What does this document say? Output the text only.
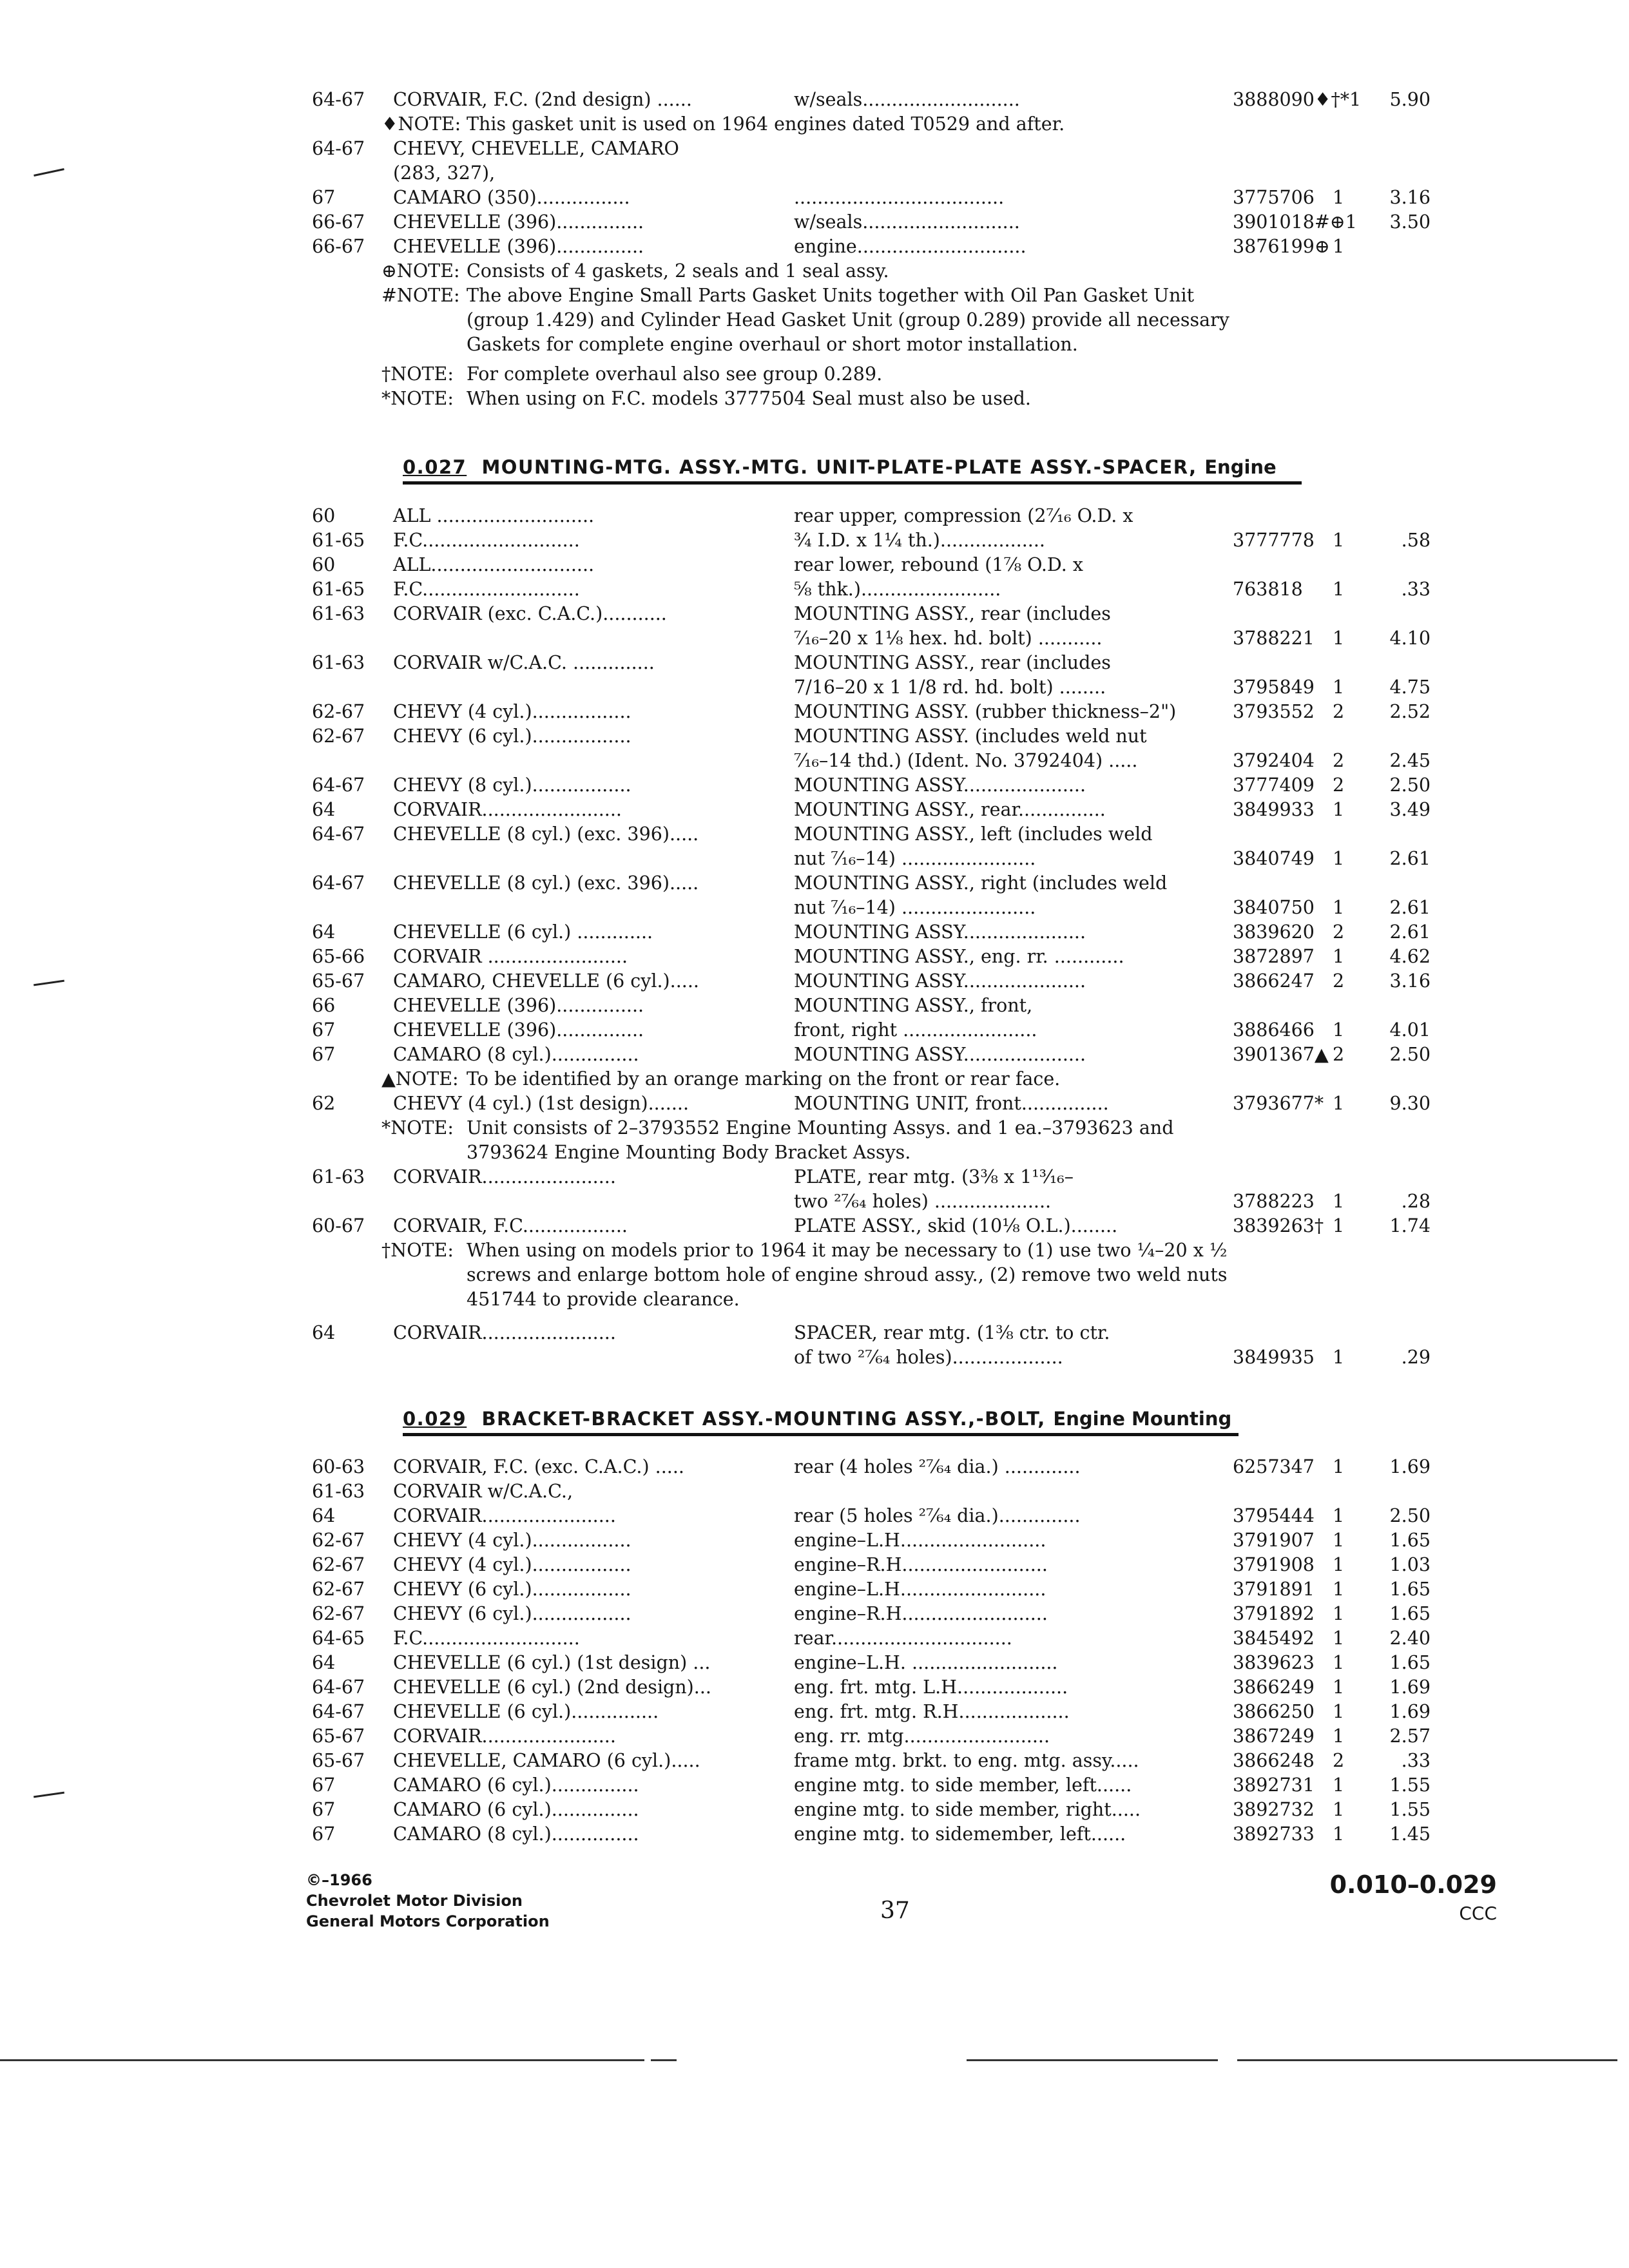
64-67 CORVAIR, F.C. (2nd design) ......	w/seals...........................	3888090♦†*1 5.90
♦NOTE: This gasket unit is used on 1964 engines dated T0529 and after.
64-67 CHEVY, CHEVELLE, CAMARO
(283, 327),
67	CAMARO (350)................	....................................	3775706 1 3.16
66-67 CHEVELLE (396)...............	w/seals...........................	3901018#⊕1 3.50
66-67 CHEVELLE (396)...............	engine.............................	3876199⊕ 1
⊕NOTE: Consists of 4 gaskets, 2 seals and 1 seal assy.
#NOTE: The above Engine Small Parts Gasket Units together with Oil Pan Gasket Unit
(group 1.429) and Cylinder Head Gasket Unit (group 0.289) provide all necessary
Gaskets for complete engine overhaul or short motor installation.
†NOTE: For complete overhaul also see group 0.289.
*NOTE: When using on F.C. models 3777504 Seal must also be used.
0.027 MOUNTING-MTG. ASSY.-MTG. UNIT-PLATE-PLATE ASSY.-SPACER, Engine
60	ALL ...........................	rear upper, compression (2⁷⁄₁₆ O.D. x
61-65 F.C...........................	¾ I.D. x 1¼ th.)..................	3777778 1	.58
60	ALL............................	rear lower, rebound (1⅞ O.D. x
61-65 F.C...........................	⅝ thk.)........................	763818 1	.33
61-63 CORVAIR (exc. C.A.C.)...........	MOUNTING ASSY., rear (includes
⁷⁄₁₆–20 x 1⅛ hex. hd. bolt) ...........	3788221 1 4.10
61-63 CORVAIR w/C.A.C. ..............	MOUNTING ASSY., rear (includes
7/16–20 x 1 1/8 rd. hd. bolt) ........	3795849 1 4.75
62-67 CHEVY (4 cyl.).................	MOUNTING ASSY. (rubber thickness–2")	3793552 2 2.52
62-67 CHEVY (6 cyl.).................	MOUNTING ASSY. (includes weld nut
⁷⁄₁₆–14 thd.) (Ident. No. 3792404) .....	3792404 2 2.45
64-67 CHEVY (8 cyl.).................	MOUNTING ASSY.....................	3777409 2 2.50
64	CORVAIR........................	MOUNTING ASSY., rear...............	3849933 1 3.49
64-67 CHEVELLE (8 cyl.) (exc. 396).....	MOUNTING ASSY., left (includes weld
nut ⁷⁄₁₆–14) .......................	3840749 1 2.61
64-67 CHEVELLE (8 cyl.) (exc. 396).....	MOUNTING ASSY., right (includes weld
nut ⁷⁄₁₆–14) .......................	3840750 1 2.61
64	CHEVELLE (6 cyl.) .............	MOUNTING ASSY.....................	3839620 2 2.61
65-66 CORVAIR ........................	MOUNTING ASSY., eng. rr. ............	3872897 1 4.62
65-67 CAMARO, CHEVELLE (6 cyl.).....	MOUNTING ASSY.....................	3866247 2 3.16
66	CHEVELLE (396)...............	MOUNTING ASSY., front,
67	CHEVELLE (396)...............	front, right .......................	3886466 1 4.01
67	CAMARO (8 cyl.)...............	MOUNTING ASSY.....................	3901367▲ 2 2.50
▲NOTE: To be identified by an orange marking on the front or rear face.
62	CHEVY (4 cyl.) (1st design).......	MOUNTING UNIT, front...............	3793677* 1 9.30
*NOTE: Unit consists of 2–3793552 Engine Mounting Assys. and 1 ea.–3793623 and
3793624 Engine Mounting Body Bracket Assys.
61-63 CORVAIR.......................	PLATE, rear mtg. (3⅜ x 1¹³⁄₁₆–
two ²⁷⁄₆₄ holes) ....................	3788223 1	.28
60-67 CORVAIR, F.C..................	PLATE ASSY., skid (10⅛ O.L.)........	3839263† 1 1.74
†NOTE: When using on models prior to 1964 it may be necessary to (1) use two ¼–20 x ½
screws and enlarge bottom hole of engine shroud assy., (2) remove two weld nuts
451744 to provide clearance.
64	CORVAIR.......................	SPACER, rear mtg. (1⅜ ctr. to ctr.
of two ²⁷⁄₆₄ holes)...................	3849935 1	.29
0.029 BRACKET-BRACKET ASSY.-MOUNTING ASSY.,-BOLT, Engine Mounting
60-63 CORVAIR, F.C. (exc. C.A.C.) .....	rear (4 holes ²⁷⁄₆₄ dia.) .............	6257347 1 1.69
61-63 CORVAIR w/C.A.C.,
64	CORVAIR.......................	rear (5 holes ²⁷⁄₆₄ dia.)..............	3795444 1 2.50
62-67 CHEVY (4 cyl.).................	engine–L.H.........................	3791907 1 1.65
62-67 CHEVY (4 cyl.).................	engine–R.H.........................	3791908 1 1.03
62-67 CHEVY (6 cyl.).................	engine–L.H.........................	3791891 1 1.65
62-67 CHEVY (6 cyl.).................	engine–R.H.........................	3791892 1 1.65
64-65 F.C...........................	rear...............................	3845492 1 2.40
64	CHEVELLE (6 cyl.) (1st design) ...	engine–L.H. .........................	3839623 1 1.65
64-67 CHEVELLE (6 cyl.) (2nd design)...	eng. frt. mtg. L.H...................	3866249 1 1.69
64-67 CHEVELLE (6 cyl.)...............	eng. frt. mtg. R.H...................	3866250 1 1.69
65-67 CORVAIR.......................	eng. rr. mtg.........................	3867249 1 2.57
65-67 CHEVELLE, CAMARO (6 cyl.).....	frame mtg. brkt. to eng. mtg. assy.....	3866248 2	.33
67	CAMARO (6 cyl.)...............	engine mtg. to side member, left......	3892731 1 1.55
67	CAMARO (6 cyl.)...............	engine mtg. to side member, right.....	3892732 1 1.55
67	CAMARO (8 cyl.)...............	engine mtg. to sidemember, left......	3892733 1 1.45
©–1966
Chevrolet Motor Division
General Motors Corporation	37
0.010–0.029
CCC
